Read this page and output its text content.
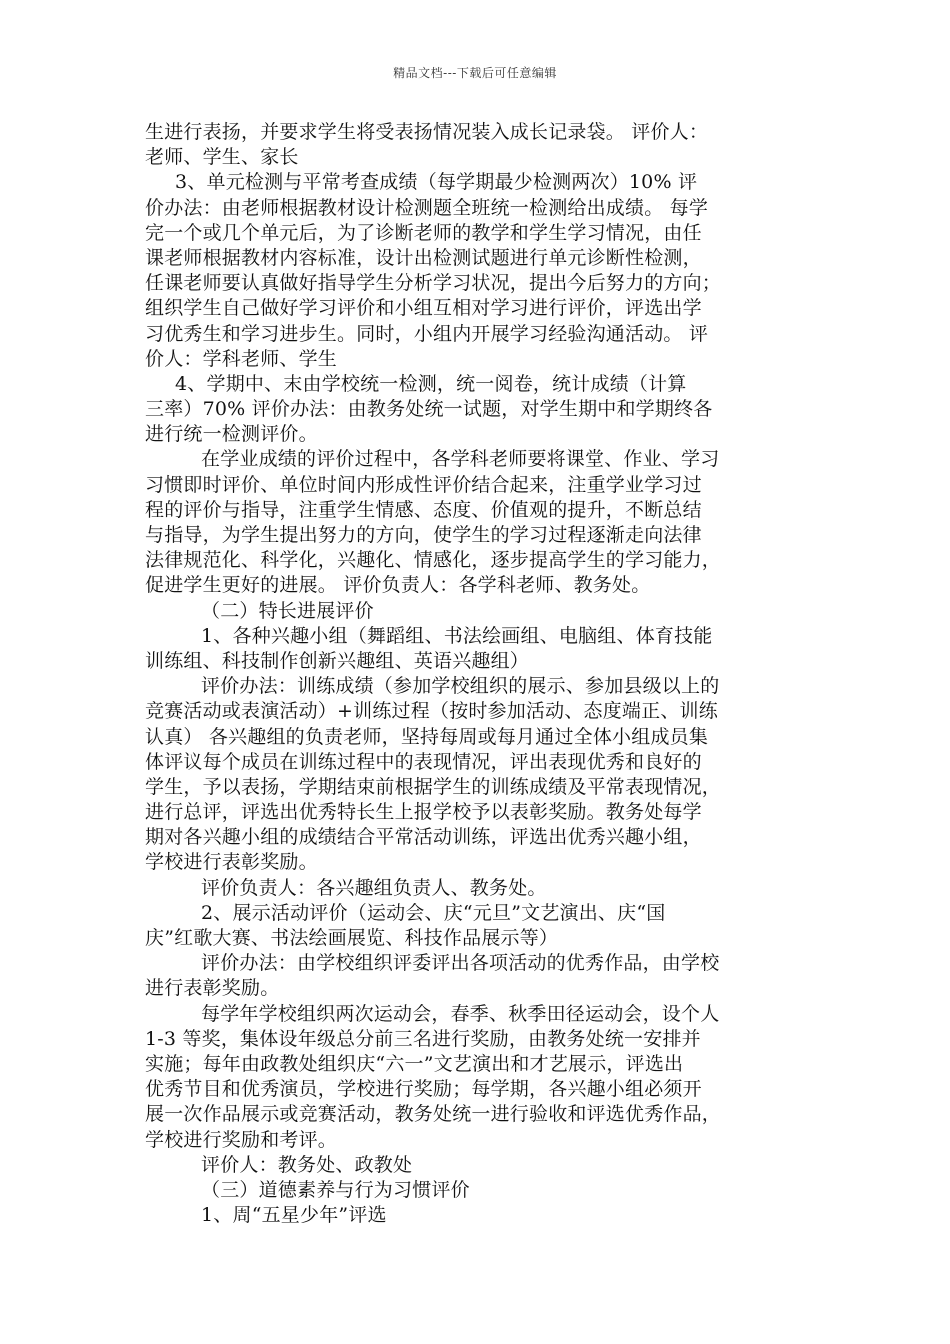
精品文档---下载后可任意编辑
生进行表扬，并要求学生将受表扬情况装入成长记录袋。 评价人：
老师、学生、家长
3、单元检测与平常考查成绩（每学期最少检测两次）10% 评
价办法：由老师根据教材设计检测题全班统一检测给出成绩。 每学
完一个或几个单元后，为了诊断老师的教学和学生学习情况，由任
课老师根据教材内容标准，设计出检测试题进行单元诊断性检测，
任课老师要认真做好指导学生分析学习状况，提出今后努力的方向；
组织学生自己做好学习评价和小组互相对学习进行评价，评选出学
习优秀生和学习进步生。同时，小组内开展学习经验沟通活动。 评
价人：学科老师、学生
4、学期中、末由学校统一检测，统一阅卷，统计成绩（计算
三率）70% 评价办法：由教务处统一试题，对学生期中和学期终各
进行统一检测评价。
在学业成绩的评价过程中，各学科老师要将课堂、作业、学习
习惯即时评价、单位时间内形成性评价结合起来，注重学业学习过
程的评价与指导，注重学生情感、态度、价值观的提升，不断总结
与指导，为学生提出努力的方向，使学生的学习过程逐渐走向法律
法律规范化、科学化，兴趣化、情感化，逐步提高学生的学习能力，
促进学生更好的进展。 评价负责人：各学科老师、教务处。
（二）特长进展评价
1、各种兴趣小组（舞蹈组、书法绘画组、电脑组、体育技能
训练组、科技制作创新兴趣组、英语兴趣组）
评价办法：训练成绩（参加学校组织的展示、参加县级以上的
竞赛活动或表演活动）+训练过程（按时参加活动、态度端正、训练
认真） 各兴趣组的负责老师，坚持每周或每月通过全体小组成员集
体评议每个成员在训练过程中的表现情况，评出表现优秀和良好的
学生，予以表扬，学期结束前根据学生的训练成绩及平常表现情况，
进行总评，评选出优秀特长生上报学校予以表彰奖励。教务处每学
期对各兴趣小组的成绩结合平常活动训练，评选出优秀兴趣小组，
学校进行表彰奖励。
评价负责人：各兴趣组负责人、教务处。
2、展示活动评价（运动会、庆“元旦”文艺演出、庆“国
庆”红歌大赛、书法绘画展览、科技作品展示等）
评价办法：由学校组织评委评出各项活动的优秀作品，由学校
进行表彰奖励。
每学年学校组织两次运动会，春季、秋季田径运动会，设个人
1-3 等奖，集体设年级总分前三名进行奖励，由教务处统一安排并
实施；每年由政教处组织庆“六一”文艺演出和才艺展示，评选出
优秀节目和优秀演员，学校进行奖励；每学期，各兴趣小组必须开
展一次作品展示或竞赛活动，教务处统一进行验收和评选优秀作品，
学校进行奖励和考评。
评价人：教务处、政教处
（三）道德素养与行为习惯评价
1、周“五星少年”评选
